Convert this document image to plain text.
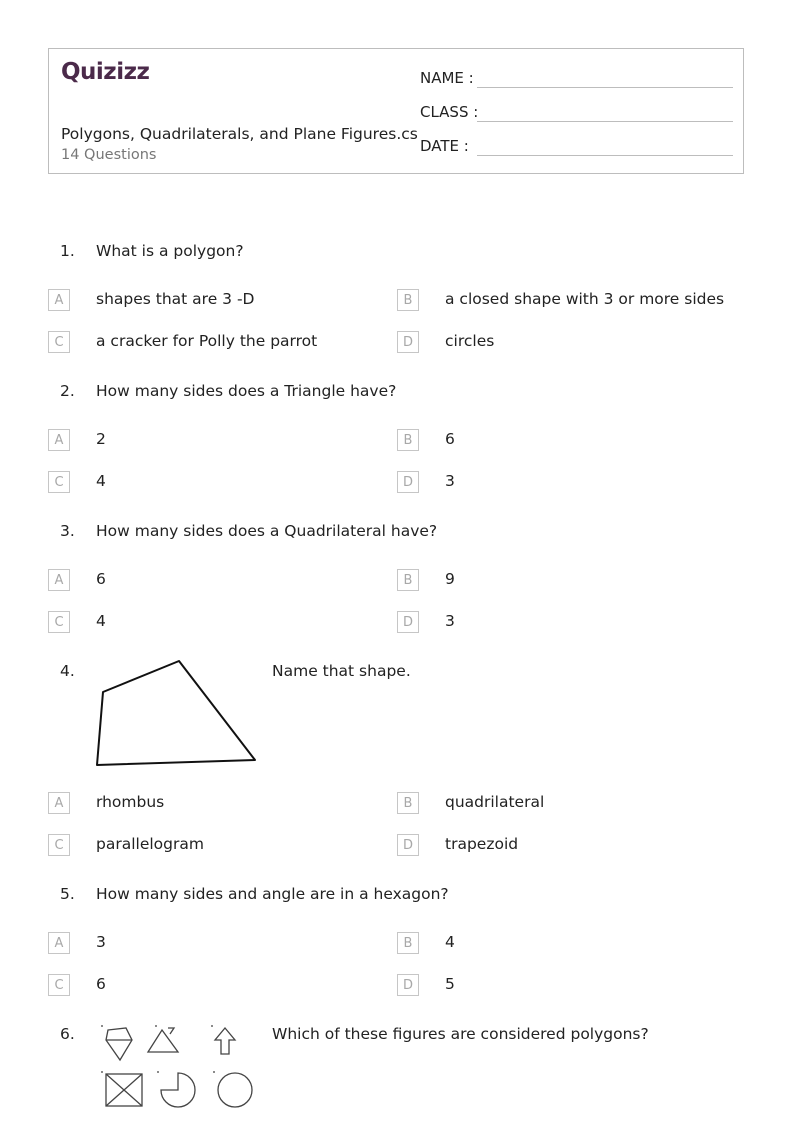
Quizizz
Polygons, Quadrilaterals, and Plane Figures.cs
14 Questions
NAME :
CLASS :
DATE :
1. What is a polygon?
A	shapes that are 3 -D	B	a closed shape with 3 or more sides
C	a cracker for Polly the parrot	D	circles
2. How many sides does a Triangle have?
A	2	B	6
C	4	D	3
3. How many sides does a Quadrilateral have?
A	6	B	9
C	4	D	3
4.	Name that shape.
A	rhombus	B	quadrilateral
C	parallelogram	D	trapezoid
5. How many sides and angle are in a hexagon?
A	3	B	4
C	6	D	5
6.	Which of these figures are considered polygons?
